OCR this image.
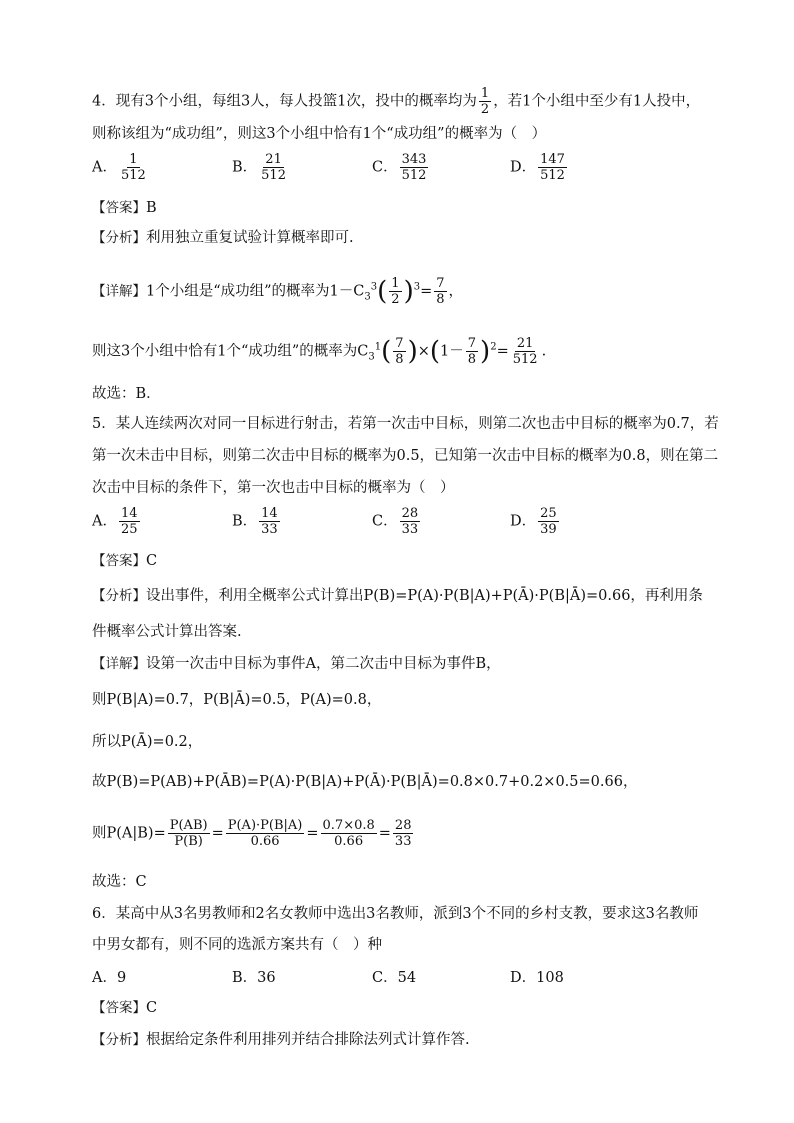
4．现有3个小组，每组3人，每人投篮1次，投中的概率均为 $\frac{1}{2}$ ，若1个小组中至少有1人投中，
则称该组为“成功组”，则这3个小组中恰有1个“成功组”的概率为（　）
A． $\frac{1}{512}$	B． $\frac{21}{512}$	C． $\frac{343}{512}$	D． $\frac{147}{512}$
【答案】B
【分析】利用独立重复试验计算概率即可.
【详解】1个小组是“成功组”的概率为$1-C_3^3( \frac{1}{2} )^3= \frac{7}{8}$ ，
则这3个小组中恰有1个“成功组”的概率为$C_3^1( \frac{7}{8} )\times(1- \frac{7}{8} )^2= \frac{21}{512}$ .
故选：B．
5．某人连续两次对同一目标进行射击，若第一次击中目标，则第二次也击中目标的概率为0.7，若
第一次未击中目标，则第二次击中目标的概率为0.5，已知第一次击中目标的概率为0.8，则在第二
次击中目标的条件下，第一次也击中目标的概率为（　）
A． $\frac{14}{25}$	B． $\frac{14}{33}$	C． $\frac{28}{33}$	D． $\frac{25}{39}$
【答案】C
【分析】设出事件，利用全概率公式计算出P(B)=P(A)·P(B|A)+P(Ā)·P(B|Ā)=0.66，再利用条
件概率公式计算出答案.
【详解】设第一次击中目标为事件A，第二次击中目标为事件B，
则P(B|A)=0.7，P(B|Ā)=0.5，P(A)=0.8，
所以P(Ā)=0.2，
故P(B)=P(AB)+P(ĀB)=P(A)·P(B|A)+P(Ā)·P(B|Ā)=0.8×0.7+0.2×0.5=0.66，
则$P(A|B)= \frac{P(AB)}{P(B)} = \frac{P(A)\cdot P(B|A)}{0.66} = \frac{0.7\times 0.8}{0.66} = \frac{28}{33}$
故选：C
6．某高中从3名男教师和2名女教师中选出3名教师，派到3个不同的乡村支教，要求这3名教师
中男女都有，则不同的选派方案共有（　）种
A．9	B．36	C．54	D．108
【答案】C
【分析】根据给定条件利用排列并结合排除法列式计算作答.
